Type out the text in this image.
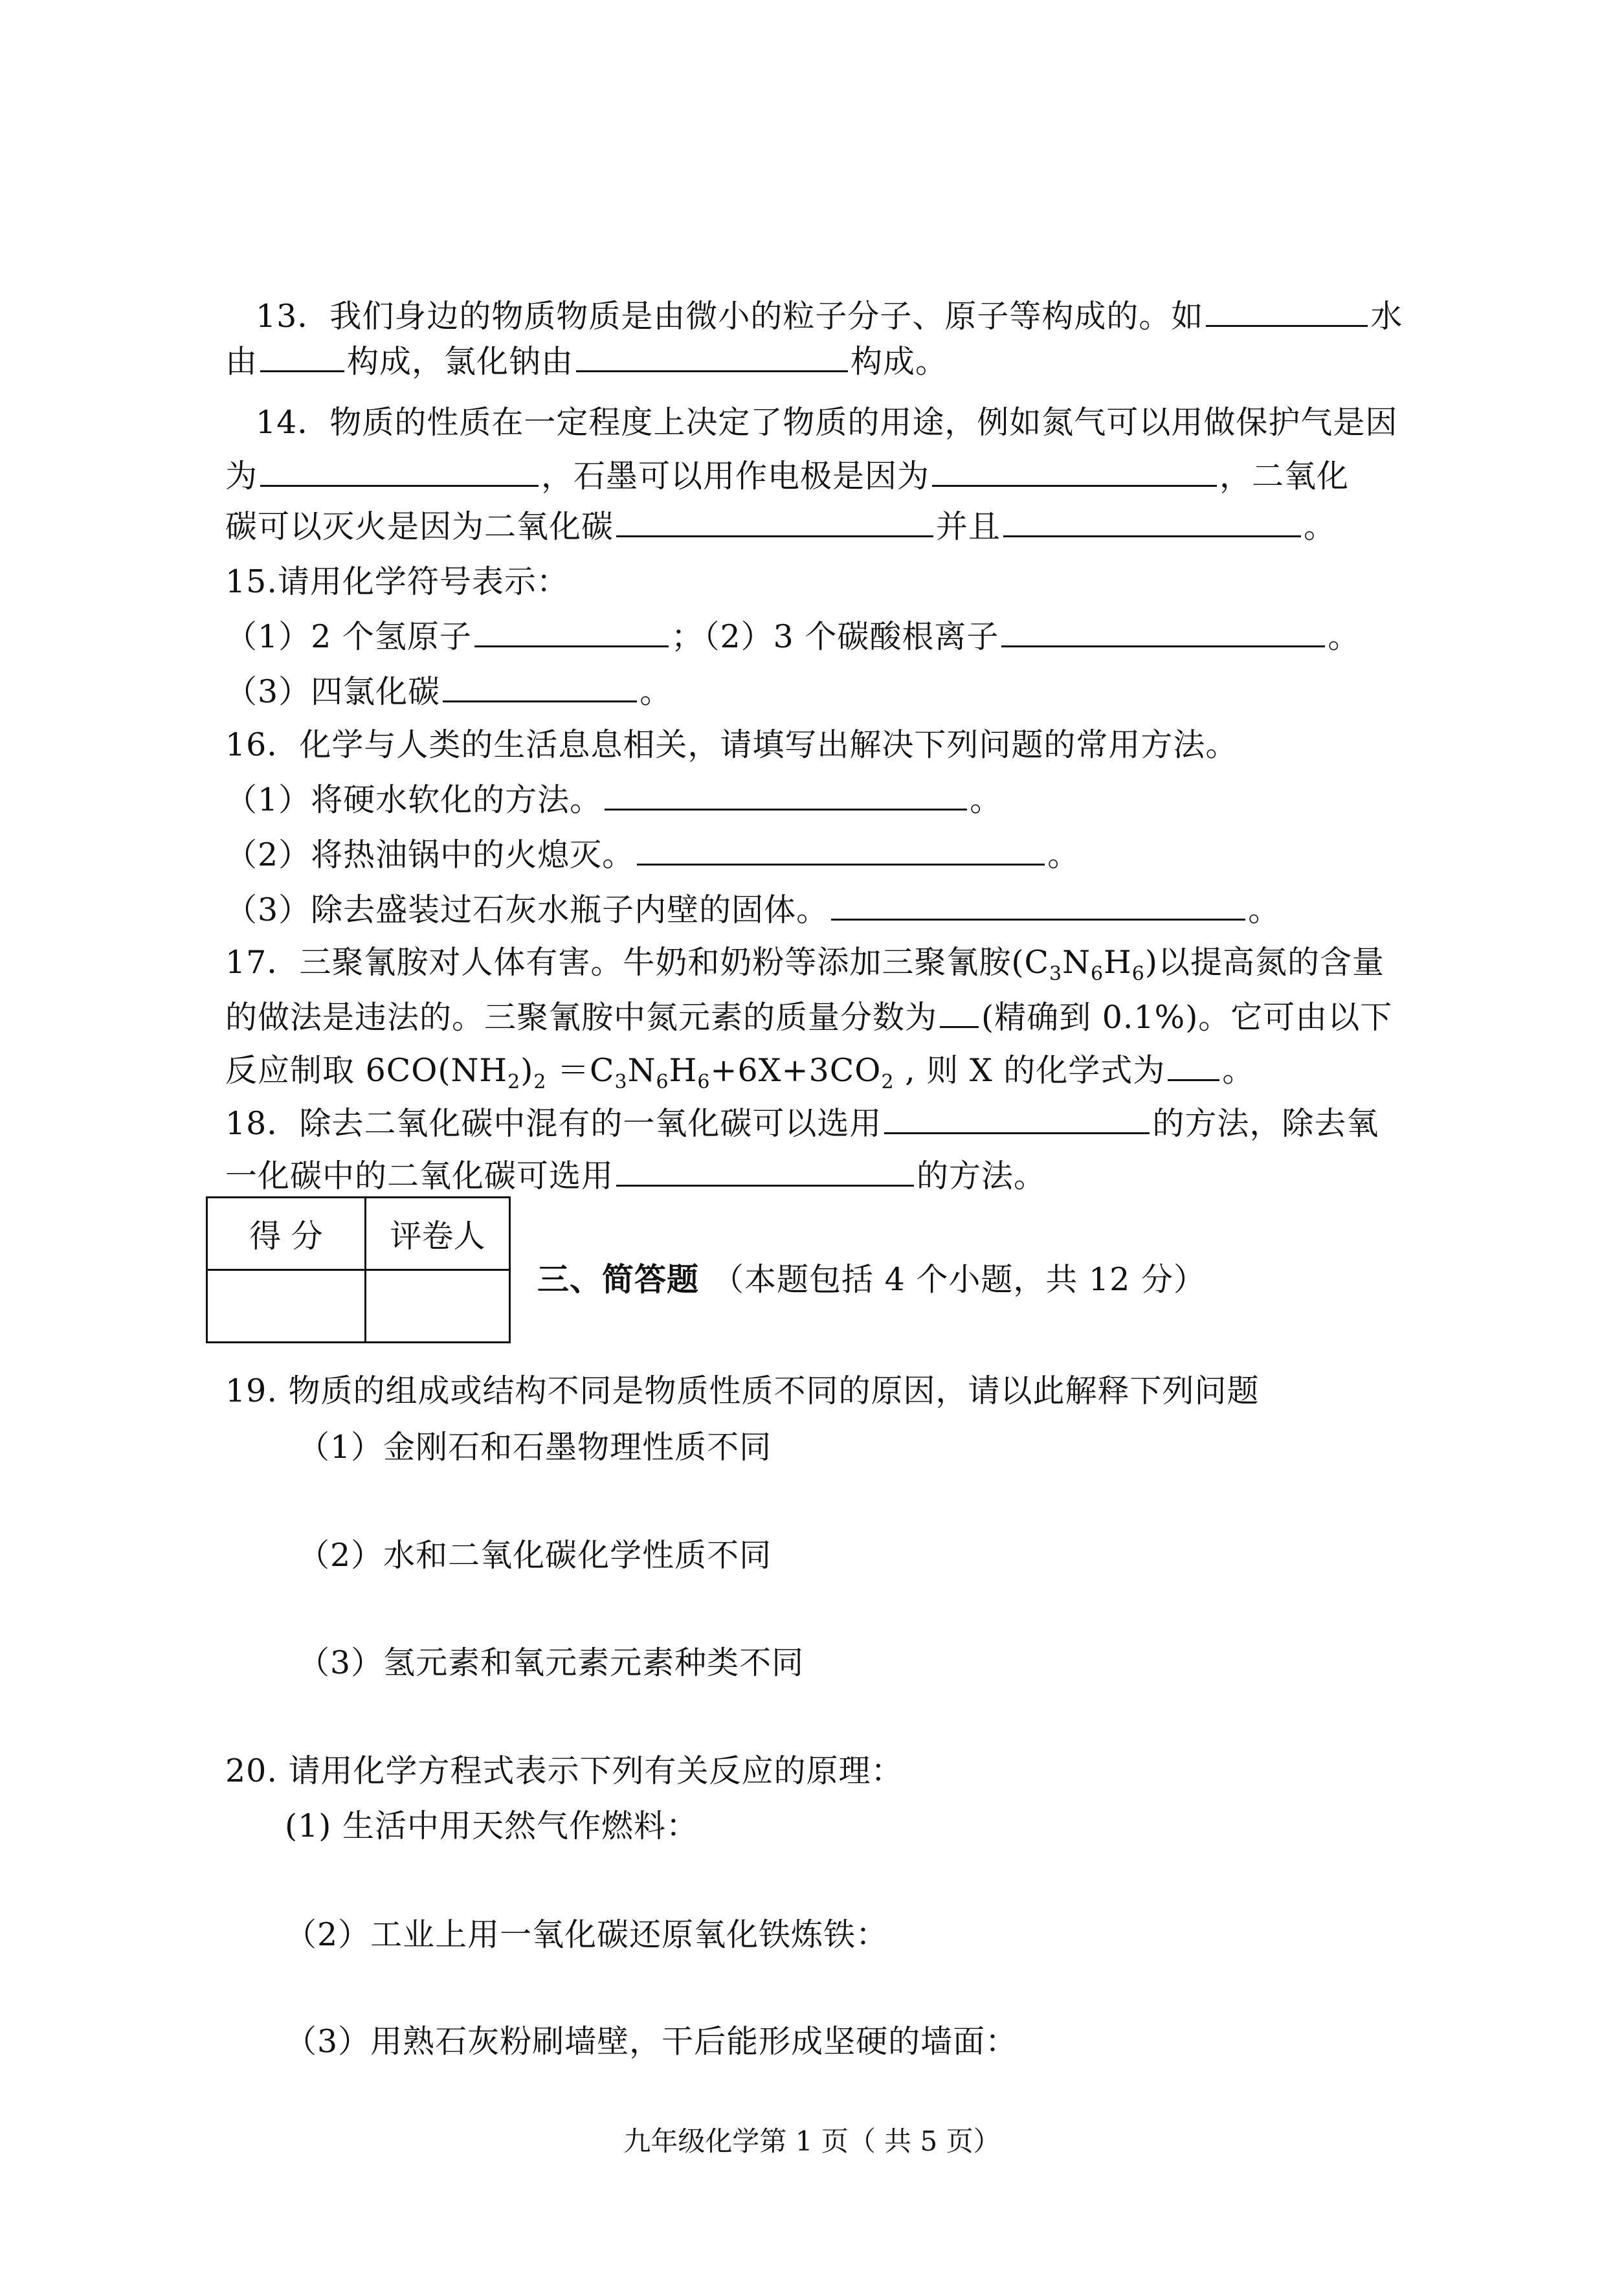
13．我们身边的物质物质是由微小的粒子分子、原子等构成的。如	水
由	构成，氯化钠由	构成。
14．物质的性质在一定程度上决定了物质的用途，例如氮气可以用做保护气是因
为	，石墨可以用作电极是因为	，二氧化
碳可以灭火是因为二氧化碳	并且	。
15.请用化学符号表示：
（1）2 个氢原子	；（2）3 个碳酸根离子	。
（3）四氯化碳	。
16．化学与人类的生活息息相关，请填写出解决下列问题的常用方法。
（1）将硬水软化的方法。	。
（2）将热油锅中的火熄灭。	。
（3）除去盛装过石灰水瓶子内壁的固体。	。
17．三聚氰胺对人体有害。牛奶和奶粉等添加三聚氰胺$(C_3N_6H_6)$以提高氮的含量
的做法是违法的。三聚氰胺中氮元素的质量分数为 (精确到 0.1%)。它可由以下
反应制取 $6CO(NH_2)_2 =C_3N_6H_6+6X+3CO_2$ , 则 X 的化学式为 。
18．除去二氧化碳中混有的一氧化碳可以选用	的方法，除去氧
一化碳中的二氧化碳可选用	的方法。
得 分	评卷人

三、简答题 （本题包括 4 个小题，共 12 分）
19. 物质的组成或结构不同是物质性质不同的原因，请以此解释下列问题
（1）金刚石和石墨物理性质不同
（2）水和二氧化碳化学性质不同
（3）氢元素和氧元素元素种类不同
20. 请用化学方程式表示下列有关反应的原理：
(1) 生活中用天然气作燃料：
（2）工业上用一氧化碳还原氧化铁炼铁：
（3）用熟石灰粉刷墙壁，干后能形成坚硬的墙面：
九年级化学第 1 页（ 共 5 页）
